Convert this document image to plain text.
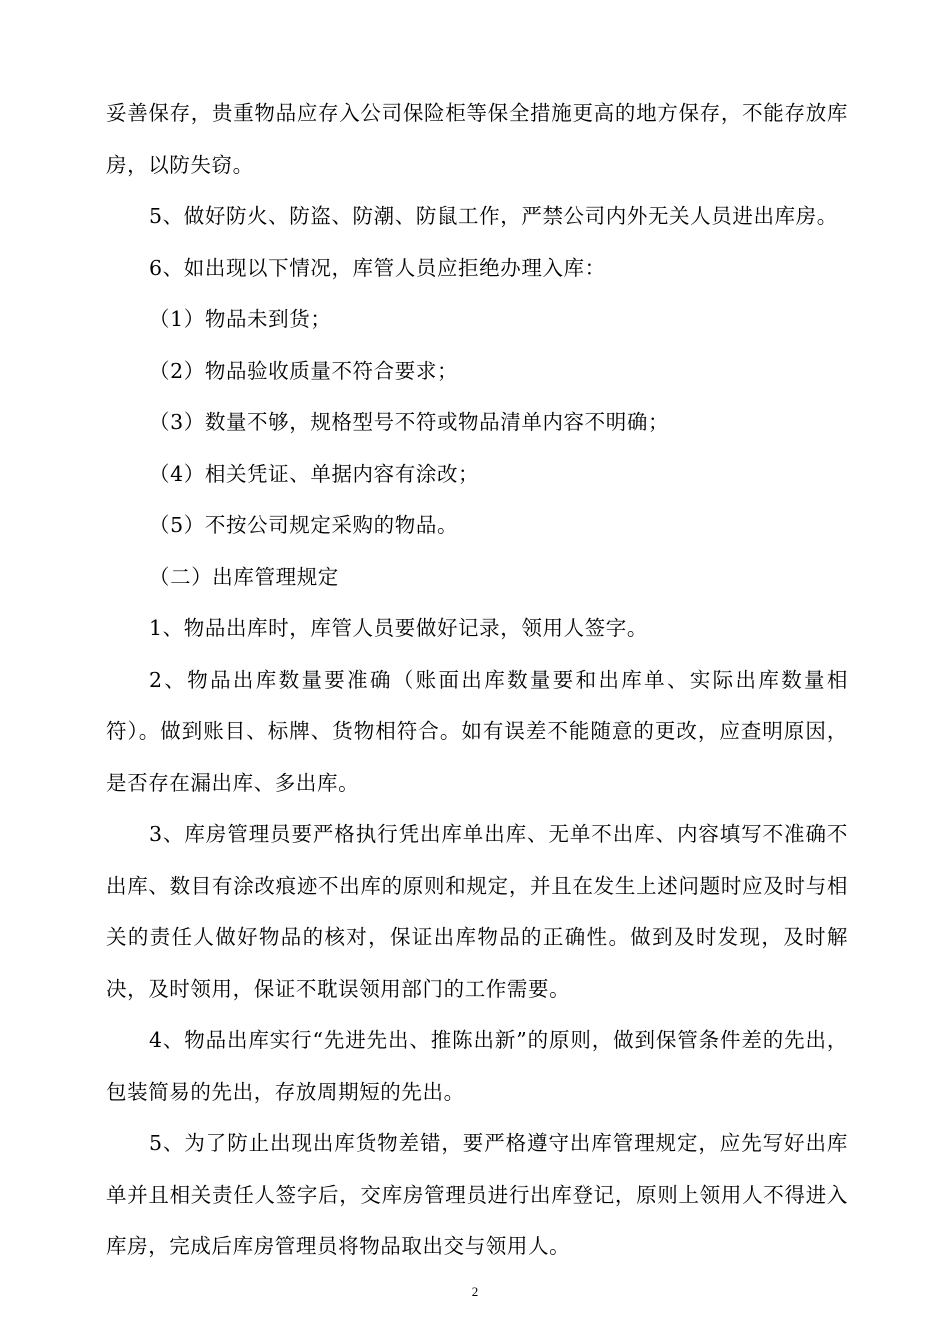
妥善保存，贵重物品应存入公司保险柜等保全措施更高的地方保存，不能存放库房，以防失窃。

5、做好防火、防盗、防潮、防鼠工作，严禁公司内外无关人员进出库房。

6、如出现以下情况，库管人员应拒绝办理入库：

（1）物品未到货；

（2）物品验收质量不符合要求；

（3）数量不够，规格型号不符或物品清单内容不明确；

（4）相关凭证、单据内容有涂改；

（5）不按公司规定采购的物品。

（二）出库管理规定

1、物品出库时，库管人员要做好记录，领用人签字。

2、物品出库数量要准确（账面出库数量要和出库单、实际出库数量相符）。做到账目、标牌、货物相符合。如有误差不能随意的更改，应查明原因，是否存在漏出库、多出库。

3、库房管理员要严格执行凭出库单出库、无单不出库、内容填写不准确不出库、数目有涂改痕迹不出库的原则和规定，并且在发生上述问题时应及时与相关的责任人做好物品的核对，保证出库物品的正确性。做到及时发现，及时解决，及时领用，保证不耽误领用部门的工作需要。

4、物品出库实行“先进先出、推陈出新”的原则，做到保管条件差的先出，包装简易的先出，存放周期短的先出。

5、为了防止出现出库货物差错，要严格遵守出库管理规定，应先写好出库单并且相关责任人签字后，交库房管理员进行出库登记，原则上领用人不得进入库房，完成后库房管理员将物品取出交与领用人。

2
